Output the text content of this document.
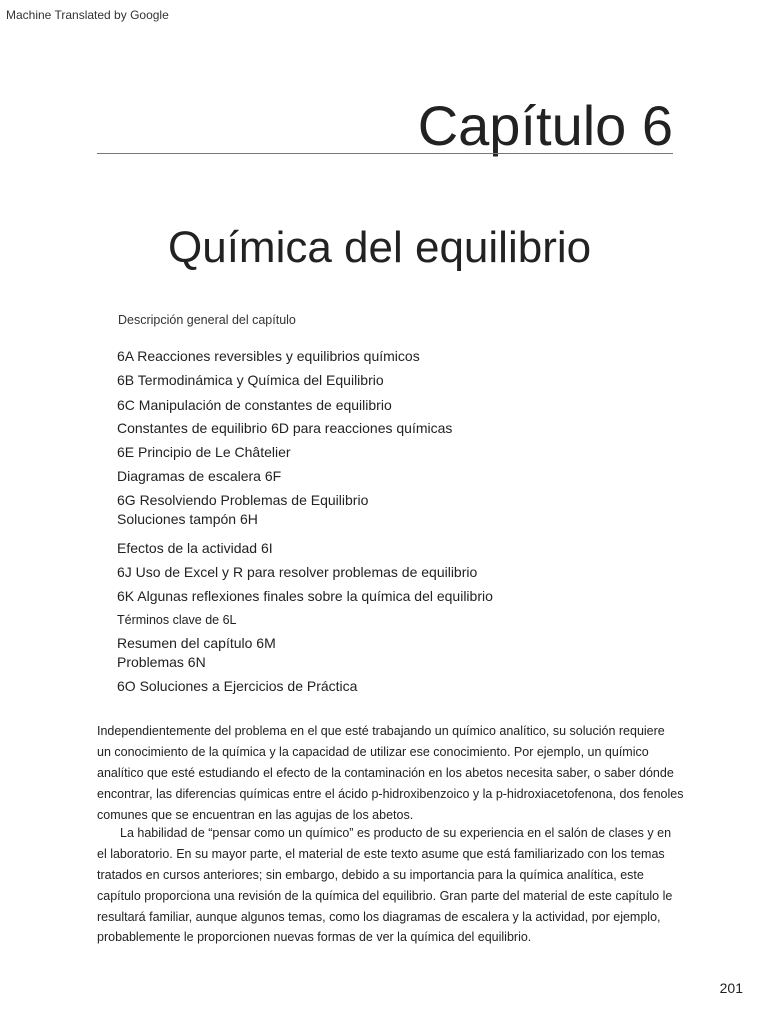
Machine Translated by Google
Capítulo 6
Química del equilibrio
Descripción general del capítulo
6A Reacciones reversibles y equilibrios químicos
6B Termodinámica y Química del Equilibrio
6C Manipulación de constantes de equilibrio
Constantes de equilibrio 6D para reacciones químicas
6E Principio de Le Châtelier
Diagramas de escalera 6F
6G Resolviendo Problemas de Equilibrio
Soluciones tampón 6H
Efectos de la actividad 6I
6J Uso de Excel y R para resolver problemas de equilibrio
6K Algunas reflexiones finales sobre la química del equilibrio
Términos clave de 6L
Resumen del capítulo 6M
Problemas 6N
6O Soluciones a Ejercicios de Práctica
Independientemente del problema en el que esté trabajando un químico analítico, su solución requiere
un conocimiento de la química y la capacidad de utilizar ese conocimiento. Por ejemplo, un químico
analítico que esté estudiando el efecto de la contaminación en los abetos necesita saber, o saber dónde
encontrar, las diferencias químicas entre el ácido p-hidroxibenzoico y la p-hidroxiacetofenona, dos fenoles
comunes que se encuentran en las agujas de los abetos.
La habilidad de “pensar como un químico” es producto de su experiencia en el salón de clases y en
el laboratorio. En su mayor parte, el material de este texto asume que está familiarizado con los temas
tratados en cursos anteriores; sin embargo, debido a su importancia para la química analítica, este
capítulo proporciona una revisión de la química del equilibrio. Gran parte del material de este capítulo le
resultará familiar, aunque algunos temas, como los diagramas de escalera y la actividad, por ejemplo,
probablemente le proporcionen nuevas formas de ver la química del equilibrio.
201
